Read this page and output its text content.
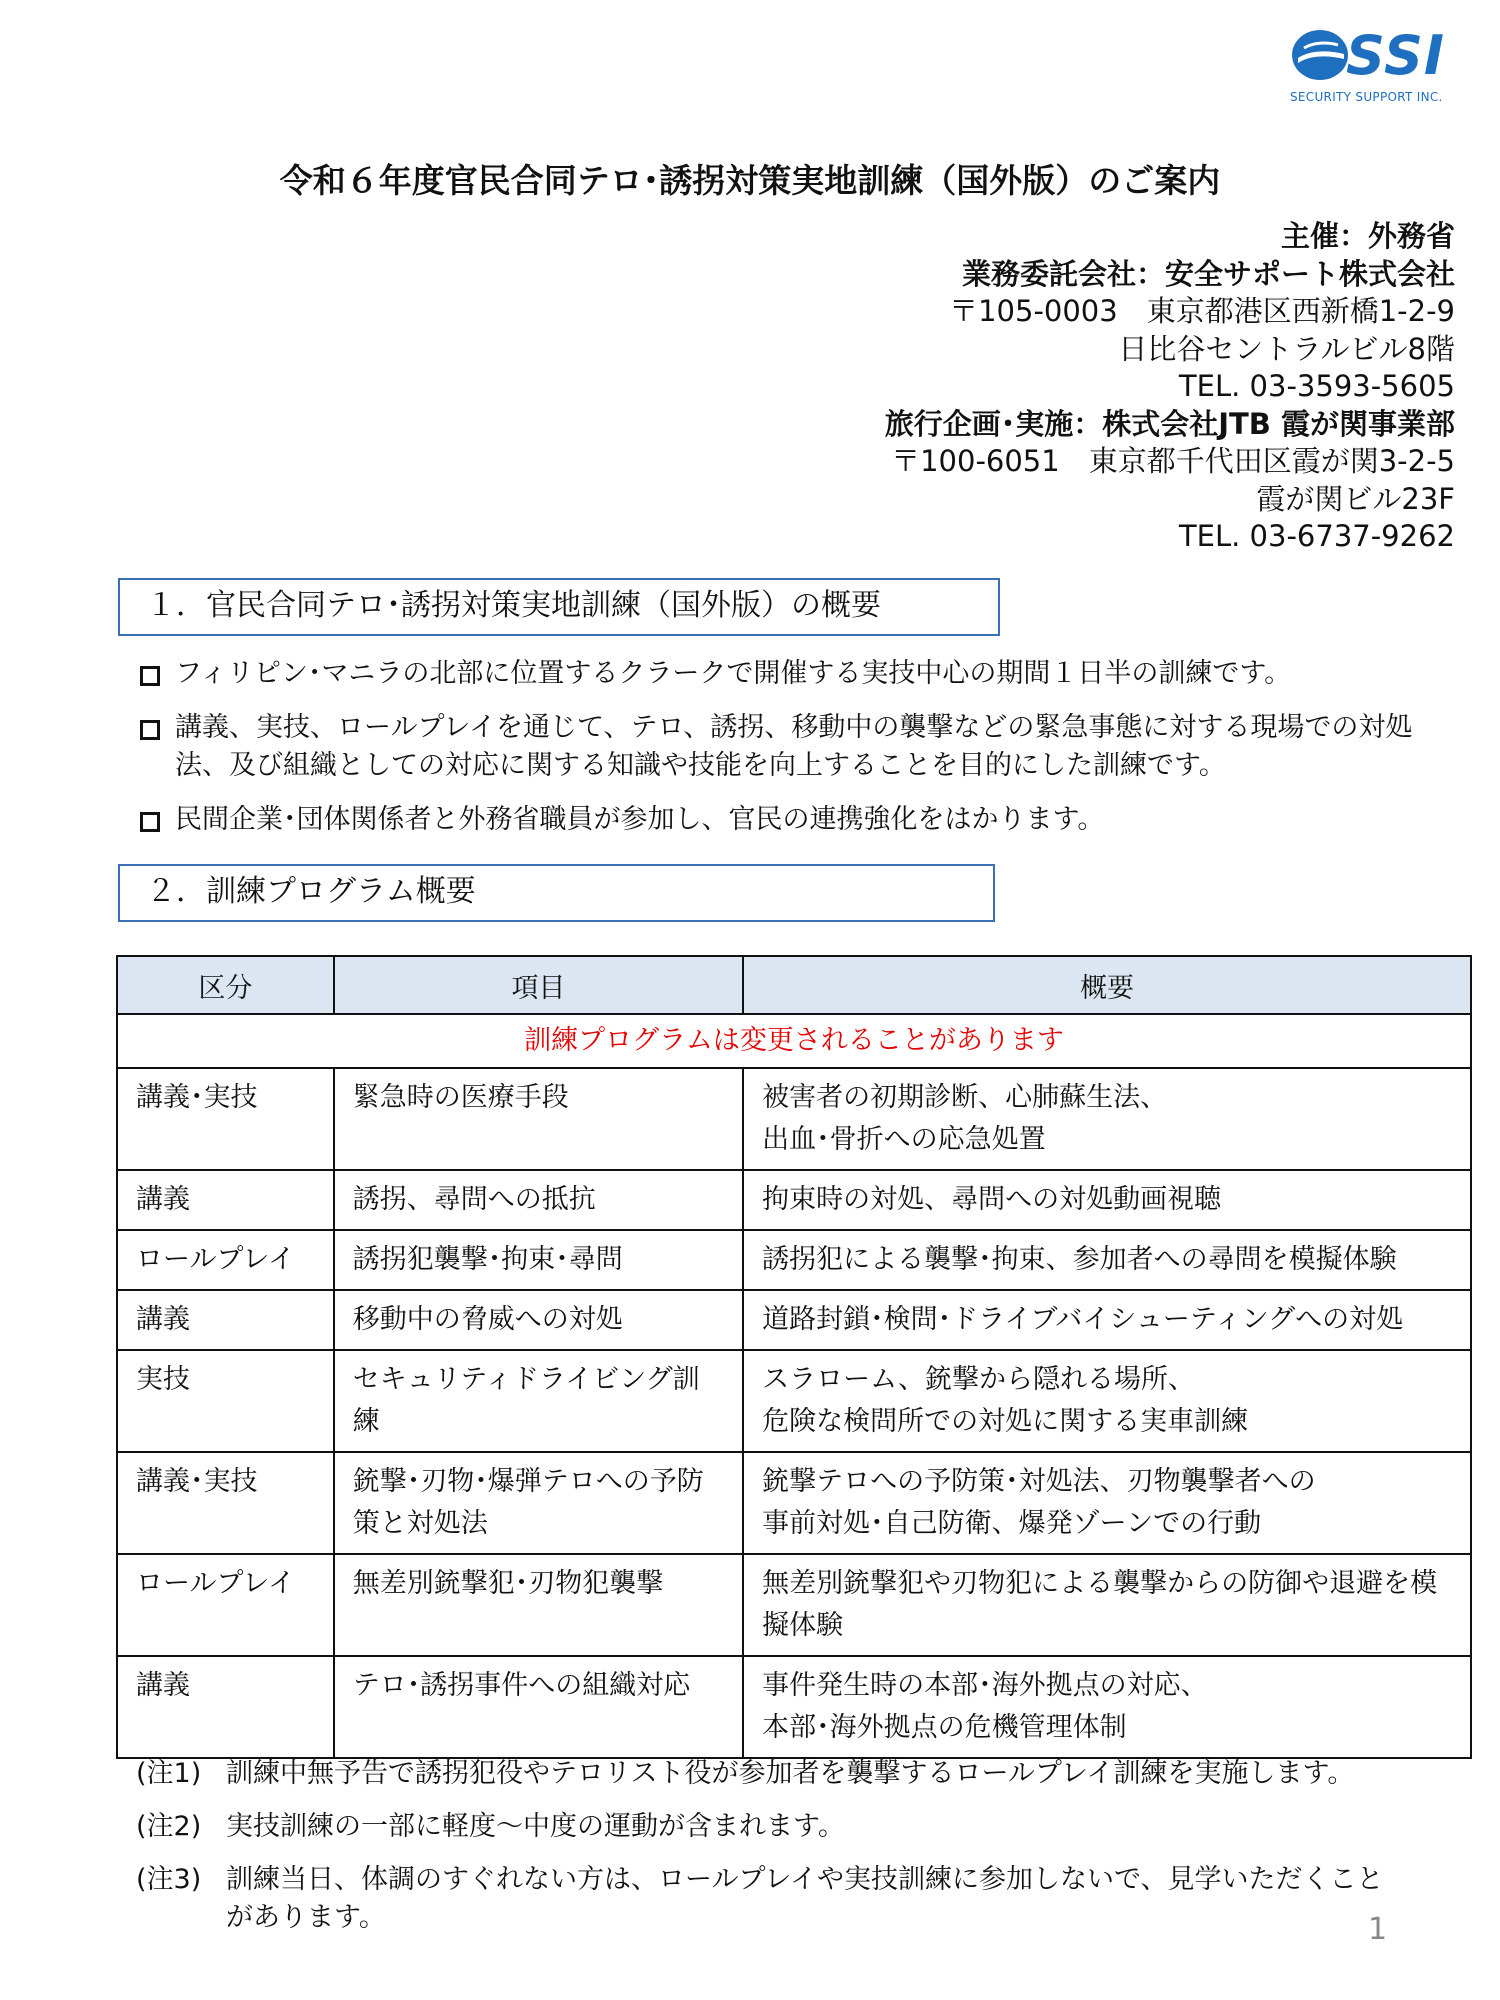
SSI
SECURITY SUPPORT INC.
令和６年度官民合同テロ･誘拐対策実地訓練（国外版）のご案内
主催：外務省
業務委託会社：安全サポート株式会社
〒105-0003　東京都港区西新橋1-2-9
日比谷セントラルビル8階
TEL. 03-3593-5605
旅行企画･実施：株式会社JTB 霞が関事業部
〒100-6051　東京都千代田区霞が関3-2-5
霞が関ビル23F
TEL. 03-6737-9262
１．官民合同テロ･誘拐対策実地訓練（国外版）の概要
フィリピン･マニラの北部に位置するクラークで開催する実技中心の期間１日半の訓練です。
講義、実技、ロールプレイを通じて、テロ、誘拐、移動中の襲撃などの緊急事態に対する現場での対処法、及び組織としての対応に関する知識や技能を向上することを目的にした訓練です。
民間企業･団体関係者と外務省職員が参加し、官民の連携強化をはかります。
２．訓練プログラム概要
区分	項目	概要
訓練プログラムは変更されることがあります		
講義･実技	緊急時の医療手段	被害者の初期診断、心肺蘇生法、
出血･骨折への応急処置
講義	誘拐、尋問への抵抗	拘束時の対処、尋問への対処動画視聴
ロールプレイ	誘拐犯襲撃･拘束･尋問	誘拐犯による襲撃･拘束、参加者への尋問を模擬体験
講義	移動中の脅威への対処	道路封鎖･検問･ドライブバイシューティングへの対処
実技	セキュリティドライビング訓練	スラローム、銃撃から隠れる場所、
危険な検問所での対処に関する実車訓練
講義･実技	銃撃･刃物･爆弾テロへの予防策と対処法	銃撃テロへの予防策･対処法、刃物襲撃者への
事前対処･自己防衛、爆発ゾーンでの行動
ロールプレイ	無差別銃撃犯･刃物犯襲撃	無差別銃撃犯や刃物犯による襲撃からの防御や退避を模擬体験
講義	テロ･誘拐事件への組織対応	事件発生時の本部･海外拠点の対応、
本部･海外拠点の危機管理体制
(注1) 訓練中無予告で誘拐犯役やテロリスト役が参加者を襲撃するロールプレイ訓練を実施します。
(注2) 実技訓練の一部に軽度～中度の運動が含まれます。
(注3) 訓練当日、体調のすぐれない方は、ロールプレイや実技訓練に参加しないで、見学いただくことがあります。	1
